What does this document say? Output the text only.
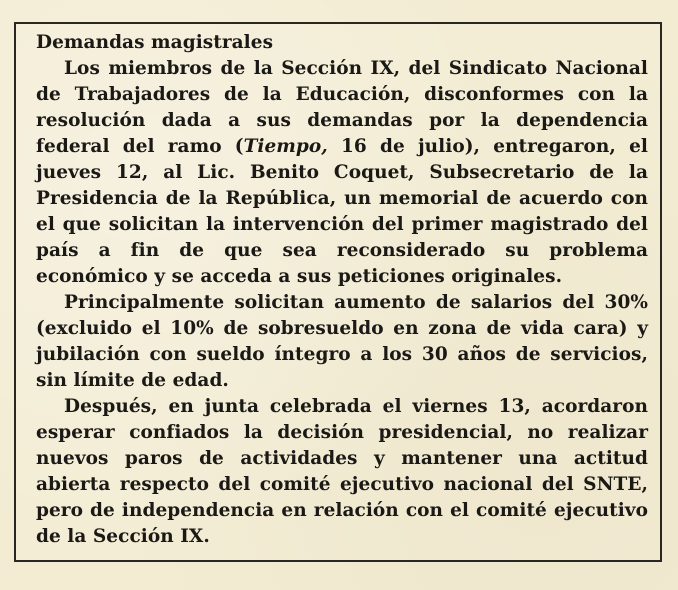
Demandas magistrales

Los miembros de la Sección IX, del Sindicato Nacional de Trabajadores de la Educación, disconformes con la resolución dada a sus demandas por la dependencia federal del ramo (Tiempo, 16 de julio), entregaron, el jueves 12, al Lic. Benito Coquet, Subsecretario de la Presidencia de la República, un memorial de acuerdo con el que solicitan la intervención del primer magistrado del país a fin de que sea reconsiderado su problema económico y se acceda a sus peticiones originales.

Principalmente solicitan aumento de salarios del 30% (excluido el 10% de sobresueldo en zona de vida cara) y jubilación con sueldo íntegro a los 30 años de servicios, sin límite de edad.

Después, en junta celebrada el viernes 13, acordaron esperar confiados la decisión presidencial, no realizar nuevos paros de actividades y mantener una actitud abierta respecto del comité ejecutivo nacional del SNTE, pero de independencia en relación con el comité ejecutivo de la Sección IX.
